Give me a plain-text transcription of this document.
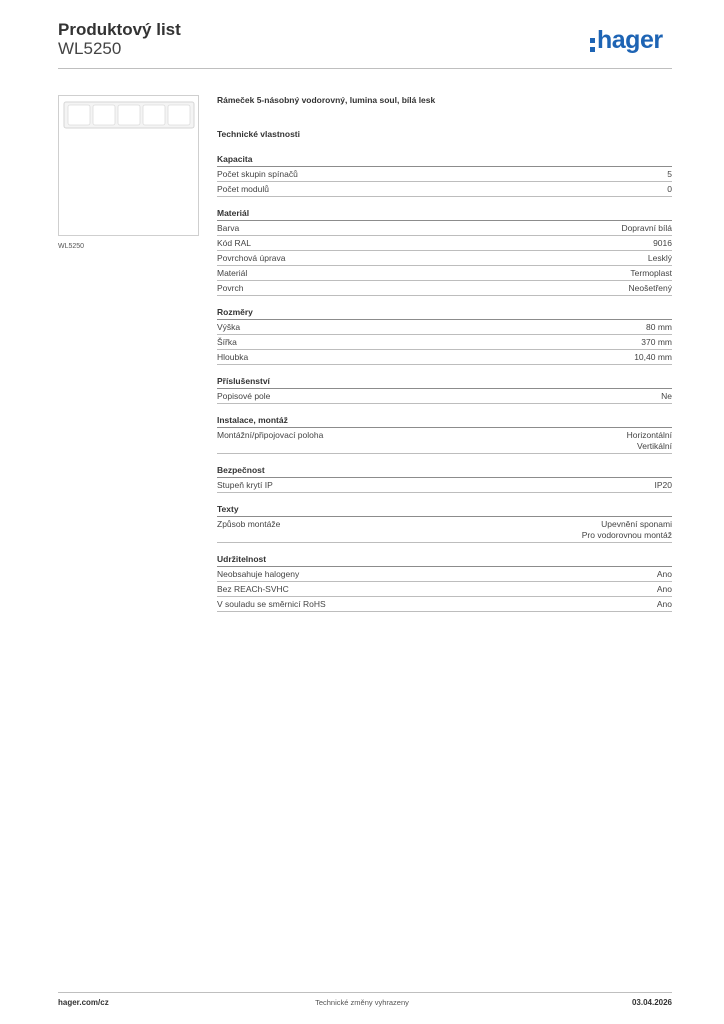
Produktový list
WL5250	hager
WL5250
Rámeček 5-násobný vodorovný, lumina soul, bílá lesk
Technické vlastnosti
Kapacita
Počet skupin spínačů	5
Počet modulů	0
Materiál
Barva	Dopravní bílá
Kód RAL	9016
Povrchová úprava	Lesklý
Materiál	Termoplast
Povrch	Neošetřený
Rozměry
Výška	80 mm
Šířka	370 mm
Hloubka	10,40 mm
Příslušenství
Popisové pole	Ne
Instalace, montáž
Montážní/připojovací poloha	Horizontální
Vertikální
Bezpečnost
Stupeň krytí IP	IP20
Texty
Způsob montáže	Upevnění sponami
Pro vodorovnou montáž
Udržitelnost
Neobsahuje halogeny	Ano
Bez REACh-SVHC	Ano
V souladu se směrnicí RoHS	Ano
hager.com/cz	Technické změny vyhrazeny	03.04.2026
